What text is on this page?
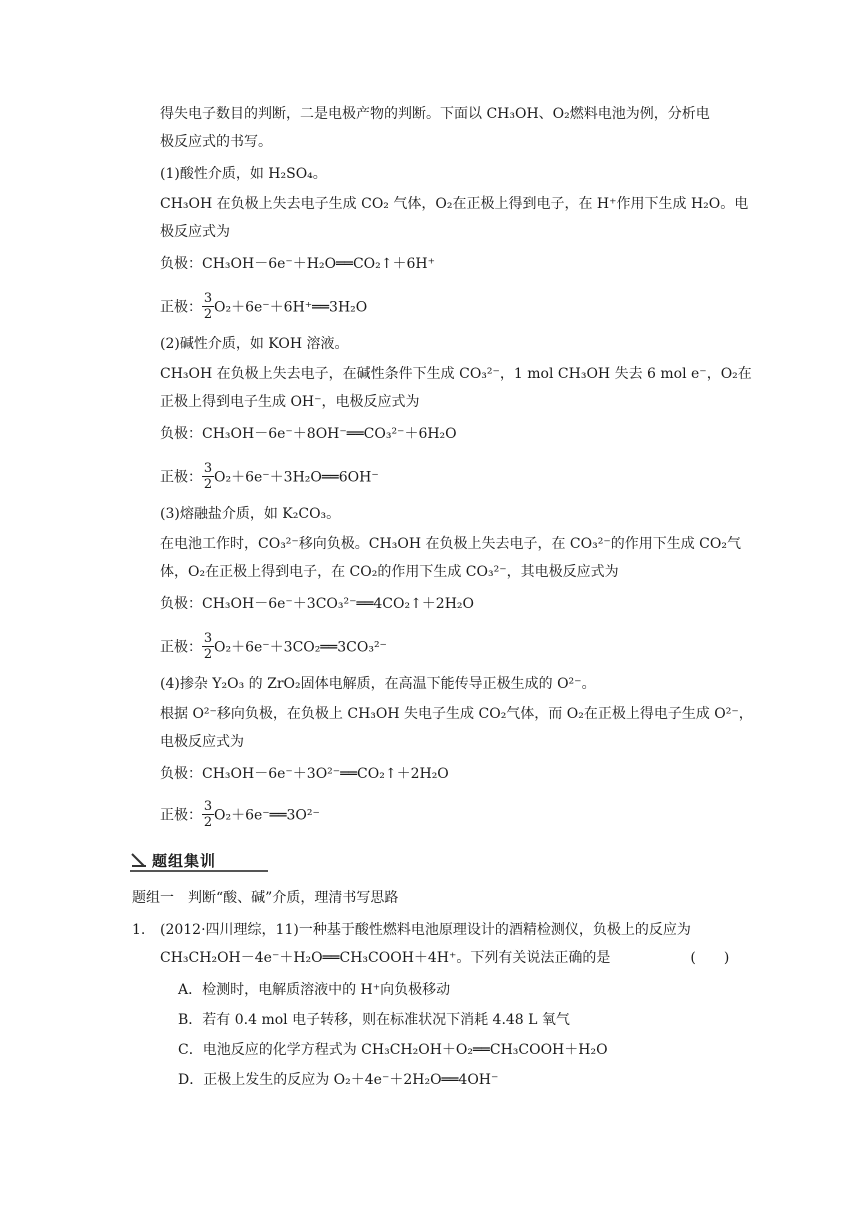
得失电子数目的判断，二是电极产物的判断。下面以 CH₃OH、O₂燃料电池为例，分析电
极反应式的书写。
(1)酸性介质，如 H₂SO₄。
CH₃OH 在负极上失去电子生成 CO₂ 气体，O₂在正极上得到电子，在 H⁺作用下生成 H₂O。电
极反应式为
负极：CH₃OH－6e⁻＋H₂O══CO₂↑＋6H⁺
正极： $\frac{3}{2}$ O₂＋6e⁻＋6H⁺══3H₂O
(2)碱性介质，如 KOH 溶液。
CH₃OH 在负极上失去电子，在碱性条件下生成 CO₃²⁻，1 mol CH₃OH 失去 6 mol e⁻，O₂在
正极上得到电子生成 OH⁻，电极反应式为
负极：CH₃OH－6e⁻＋8OH⁻══CO₃²⁻＋6H₂O
正极： $\frac{3}{2}$ O₂＋6e⁻＋3H₂O══6OH⁻
(3)熔融盐介质，如 K₂CO₃。
在电池工作时，CO₃²⁻移向负极。CH₃OH 在负极上失去电子，在 CO₃²⁻的作用下生成 CO₂气
体，O₂在正极上得到电子，在 CO₂的作用下生成 CO₃²⁻，其电极反应式为
负极：CH₃OH－6e⁻＋3CO₃²⁻══4CO₂↑＋2H₂O
正极： $\frac{3}{2}$ O₂＋6e⁻＋3CO₂══3CO₃²⁻
(4)掺杂 Y₂O₃ 的 ZrO₂固体电解质，在高温下能传导正极生成的 O²⁻。
根据 O²⁻移向负极，在负极上 CH₃OH 失电子生成 CO₂气体，而 O₂在正极上得电子生成 O²⁻，
电极反应式为
负极：CH₃OH－6e⁻＋3O²⁻══CO₂↑＋2H₂O
正极： $\frac{3}{2}$ O₂＋6e⁻══3O²⁻
题组集训
题组一　判断“酸、碱”介质，理清书写思路
1.	(2012·四川理综，11)一种基于酸性燃料电池原理设计的酒精检测仪，负极上的反应为
CH₃CH₂OH－4e⁻＋H₂O══CH₃COOH＋4H⁺。下列有关说法正确的是	(　　)
A．检测时，电解质溶液中的 H⁺向负极移动
B．若有 0.4 mol 电子转移，则在标准状况下消耗 4.48 L 氧气
C．电池反应的化学方程式为 CH₃CH₂OH＋O₂══CH₃COOH＋H₂O
D．正极上发生的反应为 O₂＋4e⁻＋2H₂O══4OH⁻
